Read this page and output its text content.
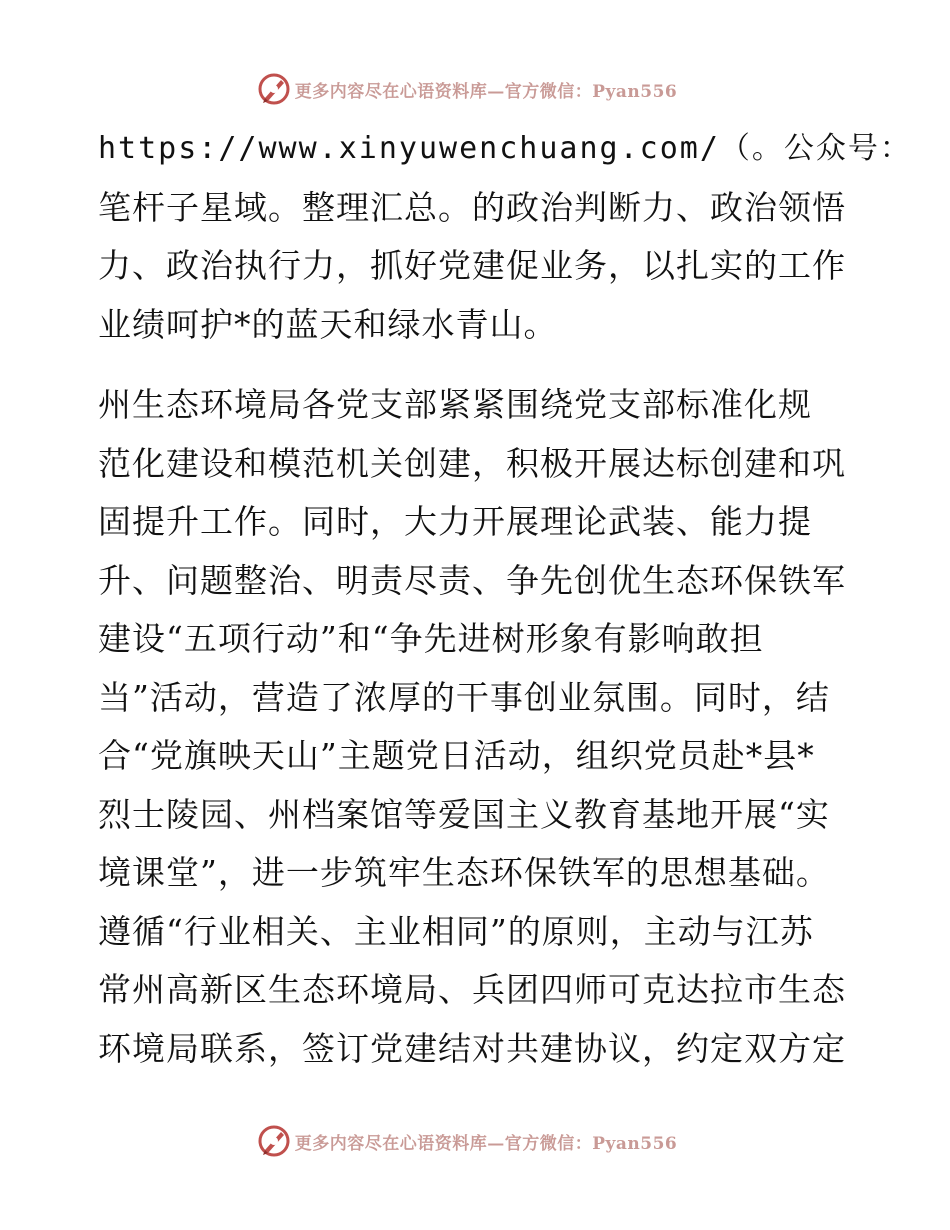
更多内容尽在心语资料库—官方微信：Pyan556
https://www.xinyuwenchuang.com/（。公众号：
笔杆子星域。整理汇总。的政治判断力、政治领悟
力、政治执行力，抓好党建促业务，以扎实的工作
业绩呵护*的蓝天和绿水青山。
州生态环境局各党支部紧紧围绕党支部标准化规
范化建设和模范机关创建，积极开展达标创建和巩
固提升工作。同时，大力开展理论武装、能力提
升、问题整治、明责尽责、争先创优生态环保铁军
建设“五项行动”和“争先进树形象有影响敢担
当”活动，营造了浓厚的干事创业氛围。同时，结
合“党旗映天山”主题党日活动，组织党员赴*县*
烈士陵园、州档案馆等爱国主义教育基地开展“实
境课堂”，进一步筑牢生态环保铁军的思想基础。
遵循“行业相关、主业相同”的原则，主动与江苏
常州高新区生态环境局、兵团四师可克达拉市生态
环境局联系，签订党建结对共建协议，约定双方定
更多内容尽在心语资料库—官方微信：Pyan556
